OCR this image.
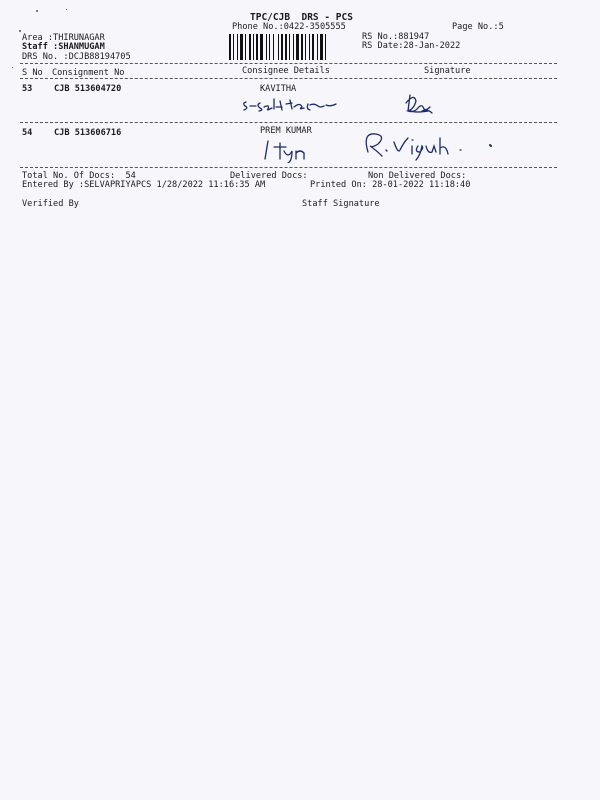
TPC/CJB  DRS - PCS
Phone No.:0422-3505555	Page No.:5
Area :THIRUNAGAR
Staff :SHANMUGAM
DRS No. :DCJB88194705
RS No.:881947
RS Date:28-Jan-2022
S No Consignment No	Consignee Details	Signature
53	CJB 513604720	KAVITHA
54	CJB 513606716	PREM KUMAR
Total No. Of Docs:  54	Delivered Docs:	Non Delivered Docs:
Entered By :SELVAPRIYAPCS 1/28/2022 11:16:35 AM	Printed On: 28-01-2022 11:18:40
Verified By	Staff Signature
